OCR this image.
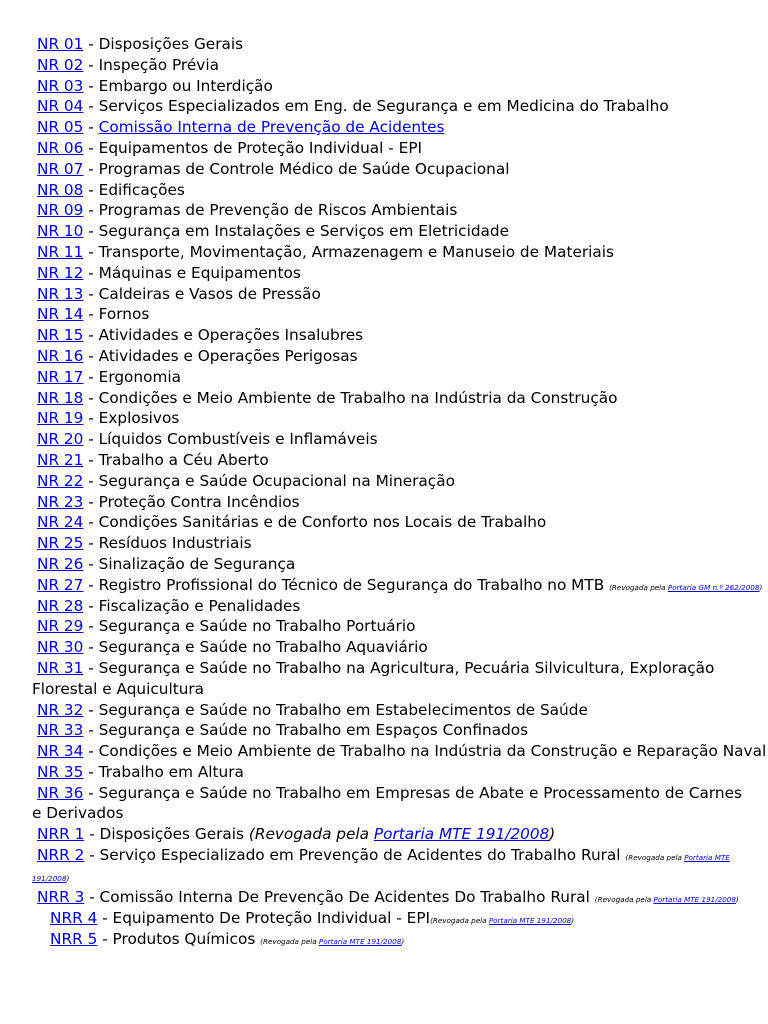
NR 01 - Disposições Gerais
NR 02 - Inspeção Prévia
NR 03 - Embargo ou Interdição
NR 04 - Serviços Especializados em Eng. de Segurança e em Medicina do Trabalho
NR 05 - Comissão Interna de Prevenção de Acidentes
NR 06 - Equipamentos de Proteção Individual - EPI
NR 07 - Programas de Controle Médico de Saúde Ocupacional
NR 08 - Edificações
NR 09 - Programas de Prevenção de Riscos Ambientais
NR 10 - Segurança em Instalações e Serviços em Eletricidade
NR 11 - Transporte, Movimentação, Armazenagem e Manuseio de Materiais
NR 12 - Máquinas e Equipamentos
NR 13 - Caldeiras e Vasos de Pressão
NR 14 - Fornos
NR 15 - Atividades e Operações Insalubres
NR 16 - Atividades e Operações Perigosas
NR 17 - Ergonomia
NR 18 - Condições e Meio Ambiente de Trabalho na Indústria da Construção
NR 19 - Explosivos
NR 20 - Líquidos Combustíveis e Inflamáveis
NR 21 - Trabalho a Céu Aberto
NR 22 - Segurança e Saúde Ocupacional na Mineração
NR 23 - Proteção Contra Incêndios
NR 24 - Condições Sanitárias e de Conforto nos Locais de Trabalho
NR 25 - Resíduos Industriais
NR 26 - Sinalização de Segurança
NR 27 - Registro Profissional do Técnico de Segurança do Trabalho no MTB (Revogada pela Portaria GM n.º 262/2008)
NR 28 - Fiscalização e Penalidades
NR 29 - Segurança e Saúde no Trabalho Portuário
NR 30 - Segurança e Saúde no Trabalho Aquaviário
NR 31 - Segurança e Saúde no Trabalho na Agricultura, Pecuária Silvicultura, Exploração Florestal e Aquicultura
NR 32 - Segurança e Saúde no Trabalho em Estabelecimentos de Saúde
NR 33 - Segurança e Saúde no Trabalho em Espaços Confinados
NR 34 - Condições e Meio Ambiente de Trabalho na Indústria da Construção e Reparação Naval
NR 35 - Trabalho em Altura
NR 36 - Segurança e Saúde no Trabalho em Empresas de Abate e Processamento de Carnes e Derivados
NRR 1 - Disposições Gerais (Revogada pela Portaria MTE 191/2008)
NRR 2 - Serviço Especializado em Prevenção de Acidentes do Trabalho Rural (Revogada pela Portaria MTE 191/2008)
NRR 3 - Comissão Interna De Prevenção De Acidentes Do Trabalho Rural (Revogada pela Portaria MTE 191/2008)
NRR 4 - Equipamento De Proteção Individual - EPI(Revogada pela Portaria MTE 191/2008)
NRR 5 - Produtos Químicos (Revogada pela Portaria MTE 191/2008)
